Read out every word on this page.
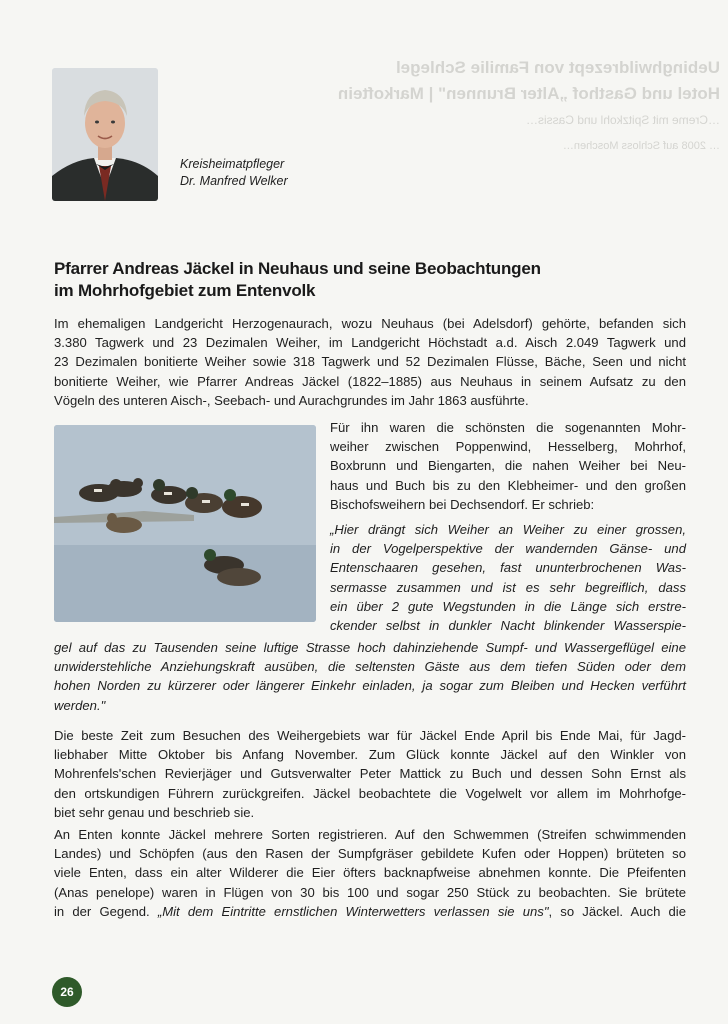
Uebinghwildrezept von Familie Schlegel
Hotel und Gasthof „Alter Brunnen" | Markoftein
…Creme mit Spitzkohl und Cassis…
… 2008 auf Schloss Moschen…
Kreisheimatpfleger
Dr. Manfred Welker
Pfarrer Andreas Jäckel in Neuhaus und seine Beobachtungen
im Mohrhofgebiet zum Entenvolk

Im ehemaligen Landgericht Herzogenaurach, wozu Neuhaus (bei Adelsdorf) gehörte, befanden sich
3.380 Tagwerk und 23 Dezimalen Weiher, im Landgericht Höchstadt a.d. Aisch 2.049 Tagwerk und
23 Dezimalen bonitierte Weiher sowie 318 Tagwerk und 52 Dezimalen Flüsse, Bäche, Seen und nicht
bonitierte Weiher, wie Pfarrer Andreas Jäckel (1822–1885) aus Neuhaus in seinem Aufsatz zu den
Vögeln des unteren Aisch-, Seebach- und Aurachgrundes im Jahr 1863 ausführte.

Für ihn waren die schönsten die sogenannten Mohr-
weiher zwischen Poppenwind, Hesselberg, Mohrhof,
Boxbrunn und Biengarten, die nahen Weiher bei Neu-
haus und Buch bis zu den Klebheimer- und den großen
Bischofsweihern bei Dechsendorf. Er schrieb:
„Hier drängt sich Weiher an Weiher zu einer grossen,
in der Vogelperspektive der wandernden Gänse- und
Entenschaaren gesehen, fast ununterbrochenen Was-
sermasse zusammen und ist es sehr begreiflich, dass
ein über 2 gute Wegstunden in die Länge sich erstre-
ckender selbst in dunkler Nacht blinkender Wasserspie-

gel auf das zu Tausenden seine luftige Strasse hoch dahinziehende Sumpf- und Wassergeflügel eine
unwiderstehliche Anziehungskraft ausüben, die seltensten Gäste aus dem tiefen Süden oder dem
hohen Norden zu kürzerer oder längerer Einkehr einladen, ja sogar zum Bleiben und Hecken verführt
werden."

Die beste Zeit zum Besuchen des Weihergebiets war für Jäckel Ende April bis Ende Mai, für Jagd-
liebhaber Mitte Oktober bis Anfang November. Zum Glück konnte Jäckel auf den Winkler von
Mohrenfels'schen Revierjäger und Gutsverwalter Peter Mattick zu Buch und dessen Sohn Ernst als
den ortskundigen Führern zurückgreifen. Jäckel beobachtete die Vogelwelt vor allem im Mohrhofge-
biet sehr genau und beschrieb sie.

An Enten konnte Jäckel mehrere Sorten registrieren. Auf den Schwemmen (Streifen schwimmenden
Landes) und Schöpfen (aus den Rasen der Sumpfgräser gebildete Kufen oder Hoppen) brüteten so
viele Enten, dass ein alter Wilderer die Eier öfters backnapfweise abnehmen konnte. Die Pfeifenten
(Anas penelope) waren in Flügen von 30 bis 100 und sogar 250 Stück zu beobachten. Sie brütete
in der Gegend. „Mit dem Eintritte ernstlichen Winterwetters verlassen sie uns", so Jäckel. Auch die

26
